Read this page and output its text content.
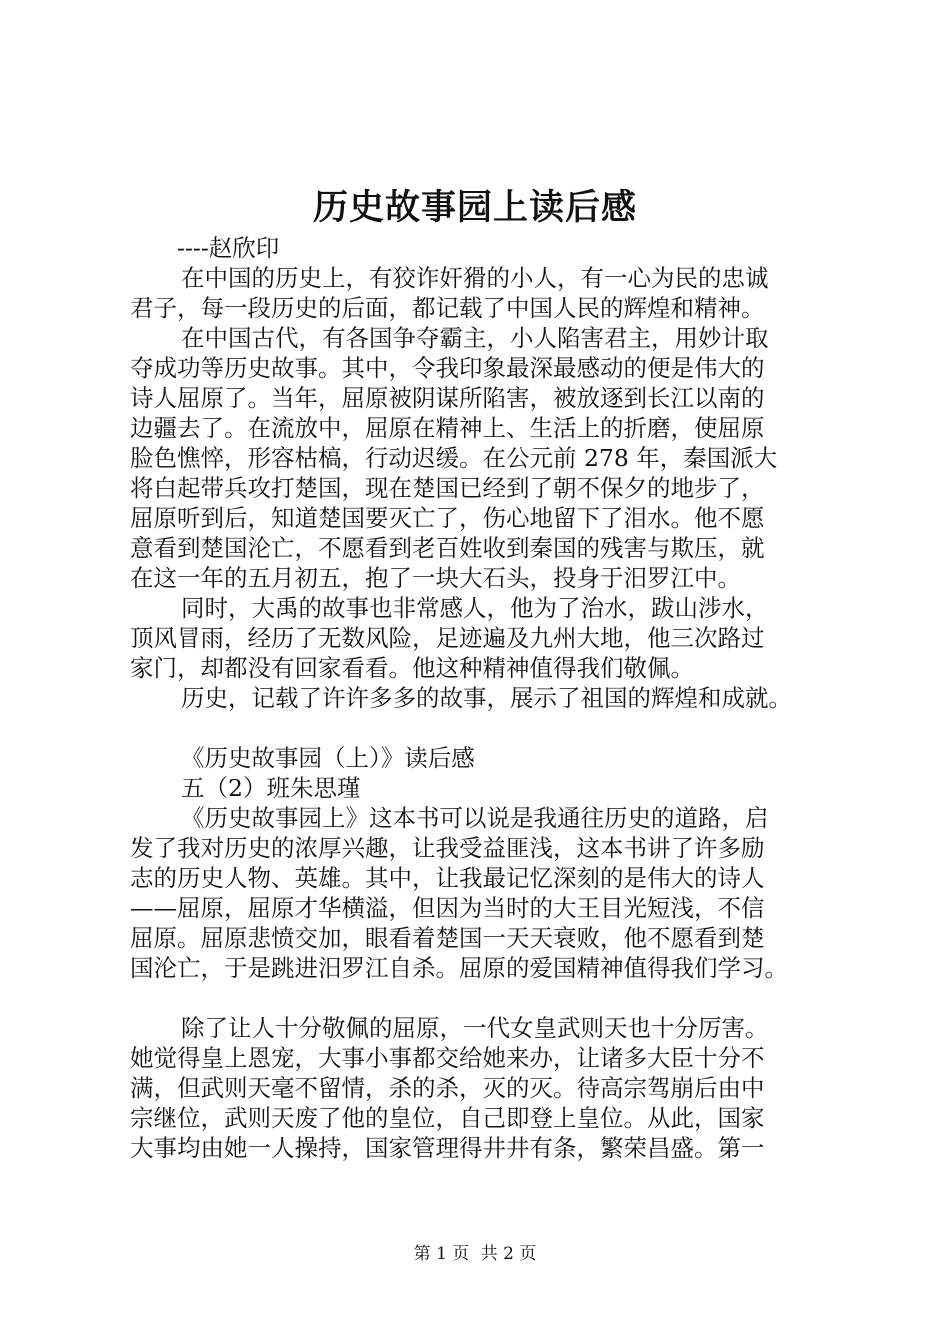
历史故事园上读后感
----赵欣印
在中国的历史上，有狡诈奸猾的小人，有一心为民的忠诚
君子，每一段历史的后面，都记载了中国人民的辉煌和精神。
在中国古代，有各国争夺霸主，小人陷害君主，用妙计取
夺成功等历史故事。其中，令我印象最深最感动的便是伟大的
诗人屈原了。当年，屈原被阴谋所陷害，被放逐到长江以南的
边疆去了。在流放中，屈原在精神上、生活上的折磨，使屈原
脸色憔悴，形容枯槁，行动迟缓。在公元前 278 年，秦国派大
将白起带兵攻打楚国，现在楚国已经到了朝不保夕的地步了，
屈原听到后，知道楚国要灭亡了，伤心地留下了泪水。他不愿
意看到楚国沦亡，不愿看到老百姓收到秦国的残害与欺压，就
在这一年的五月初五，抱了一块大石头，投身于汨罗江中。
同时，大禹的故事也非常感人，他为了治水，跋山涉水，
顶风冒雨，经历了无数风险，足迹遍及九州大地，他三次路过
家门，却都没有回家看看。他这种精神值得我们敬佩。
历史，记载了许许多多的故事，展示了祖国的辉煌和成就。
《历史故事园（上）》读后感
五（2）班朱思瑾
《历史故事园上》这本书可以说是我通往历史的道路，启
发了我对历史的浓厚兴趣，让我受益匪浅，这本书讲了许多励
志的历史人物、英雄。其中，让我最记忆深刻的是伟大的诗人
——屈原，屈原才华横溢，但因为当时的大王目光短浅，不信
屈原。屈原悲愤交加，眼看着楚国一天天衰败，他不愿看到楚
国沦亡，于是跳进汨罗江自杀。屈原的爱国精神值得我们学习。
除了让人十分敬佩的屈原，一代女皇武则天也十分厉害。
她觉得皇上恩宠，大事小事都交给她来办，让诸多大臣十分不
满，但武则天毫不留情，杀的杀，灭的灭。待高宗驾崩后由中
宗继位，武则天废了他的皇位，自己即登上皇位。从此，国家
大事均由她一人操持，国家管理得井井有条，繁荣昌盛。第一
第 1 页 共 2 页
